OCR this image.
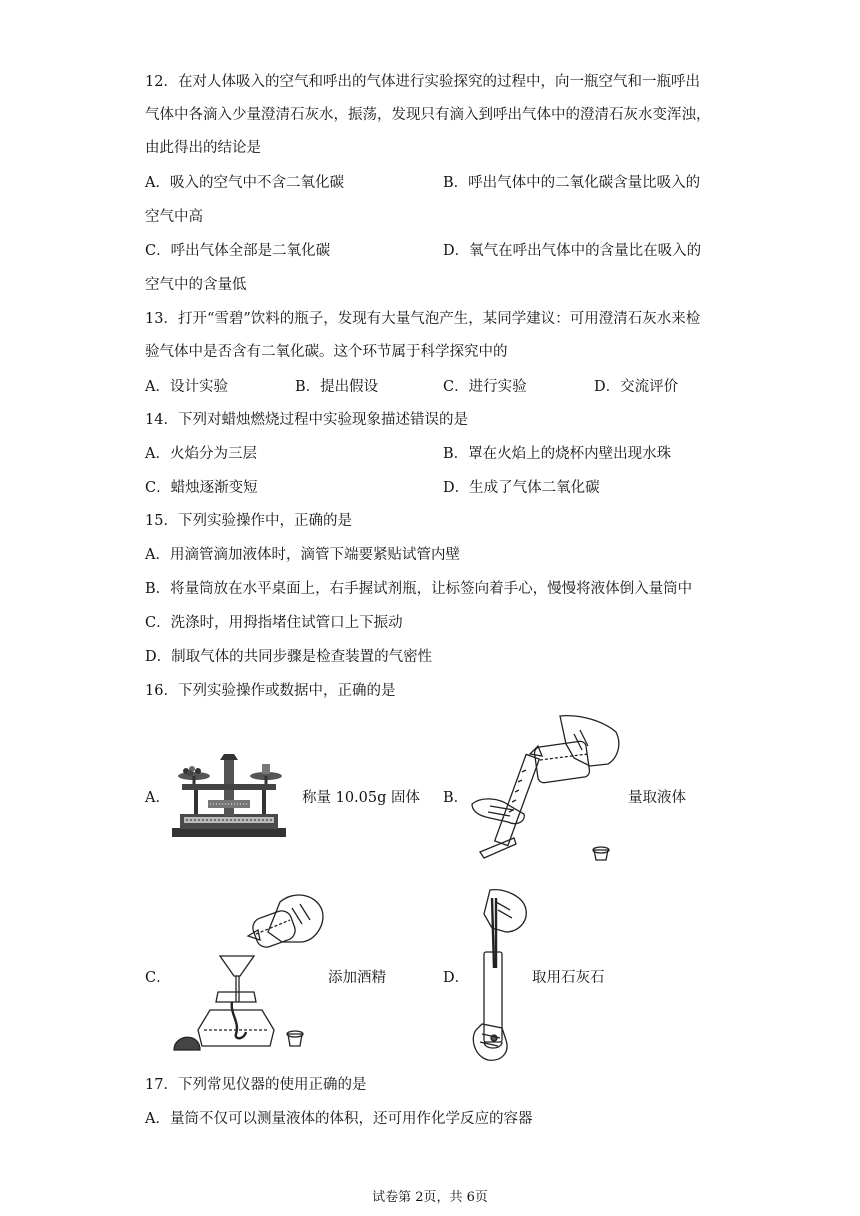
12．在对人体吸入的空气和呼出的气体进行实验探究的过程中，向一瓶空气和一瓶呼出
气体中各滴入少量澄清石灰水，振荡，发现只有滴入到呼出气体中的澄清石灰水变浑浊，
由此得出的结论是
A．吸入的空气中不含二氧化碳	B．呼出气体中的二氧化碳含量比吸入的
空气中高
C．呼出气体全部是二氧化碳	D．氧气在呼出气体中的含量比在吸入的
空气中的含量低
13．打开“雪碧”饮料的瓶子，发现有大量气泡产生，某同学建议：可用澄清石灰水来检
验气体中是否含有二氧化碳。这个环节属于科学探究中的
A．设计实验	B．提出假设	C．进行实验	D．交流评价
14．下列对蜡烛燃烧过程中实验现象描述错误的是
A．火焰分为三层	B．罩在火焰上的烧杯内壁出现水珠
C．蜡烛逐渐变短	D．生成了气体二氧化碳
15．下列实验操作中，正确的是
A．用滴管滴加液体时，滴管下端要紧贴试管内壁
B．将量筒放在水平桌面上，右手握试剂瓶，让标签向着手心，慢慢将液体倒入量筒中
C．洗涤时，用拇指堵住试管口上下振动
D．制取气体的共同步骤是检查装置的气密性
16．下列实验操作或数据中，正确的是
A．	称量 10.05g 固体 B．	量取液体
C．	添加酒精	D．	取用石灰石
17．下列常见仪器的使用正确的是
A．量筒不仅可以测量液体的体积，还可用作化学反应的容器
试卷第 2页，共 6页
